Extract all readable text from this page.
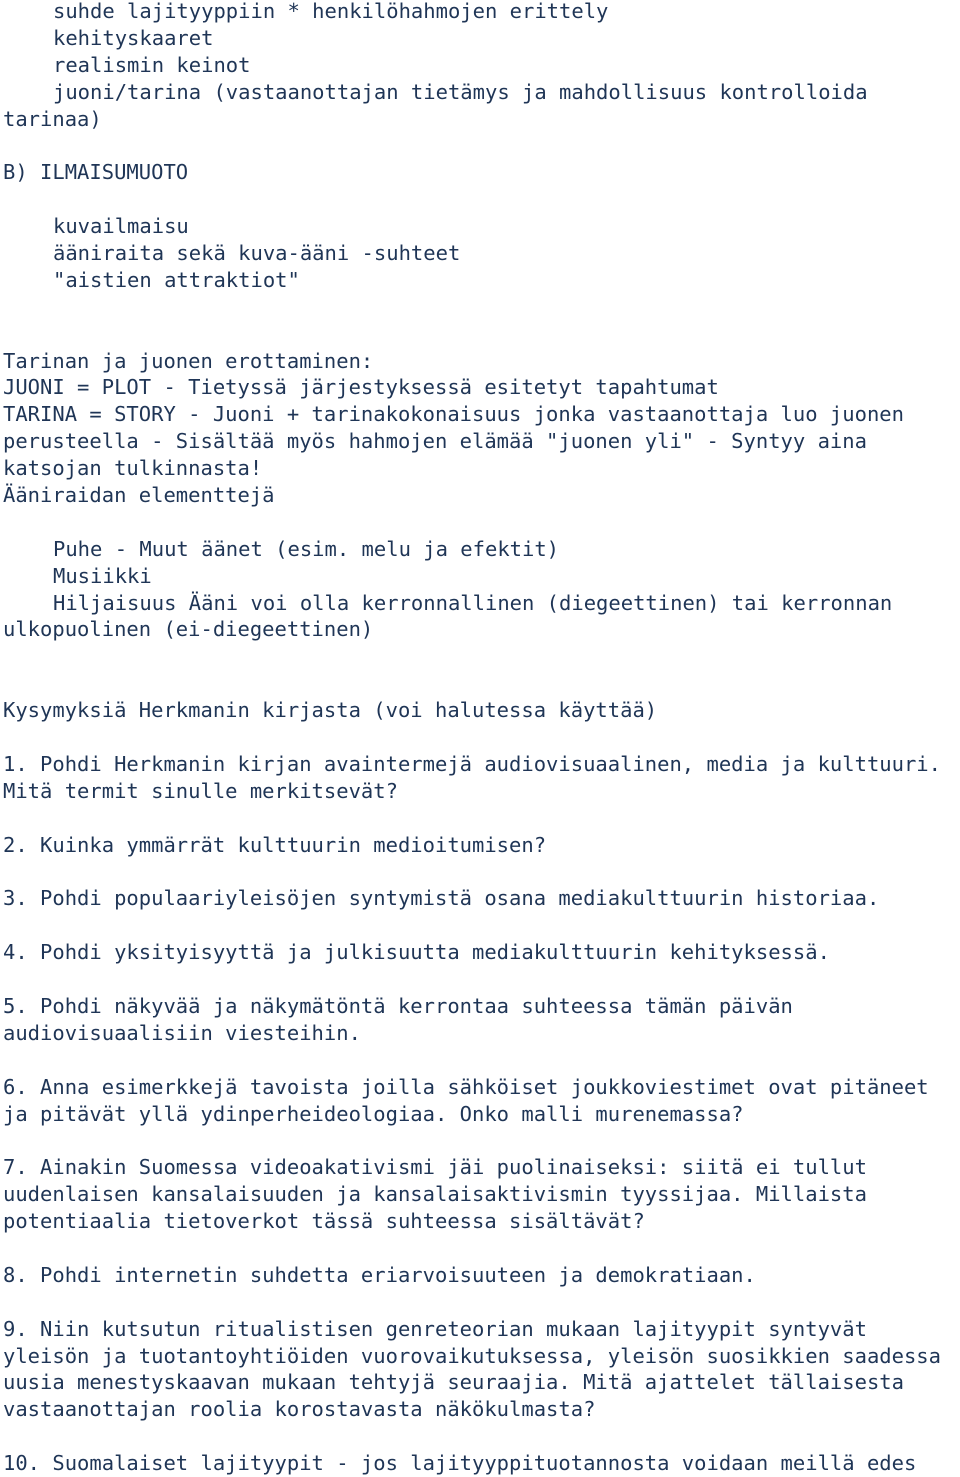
suhde lajityyppiin * henkilöhahmojen erittely
kehityskaaret
realismin keinot
juoni/tarina (vastaanottajan tietämys ja mahdollisuus kontrolloida
tarinaa)
B) ILMAISUMUOTO
kuvailmaisu
ääniraita sekä kuva-ääni -suhteet
"aistien attraktiot"
Tarinan ja juonen erottaminen:
JUONI = PLOT - Tietyssä järjestyksessä esitetyt tapahtumat
TARINA = STORY - Juoni + tarinakokonaisuus jonka vastaanottaja luo juonen
perusteella - Sisältää myös hahmojen elämää "juonen yli" - Syntyy aina
katsojan tulkinnasta!
Ääniraidan elementtejä
Puhe - Muut äänet (esim. melu ja efektit)
Musiikki
Hiljaisuus Ääni voi olla kerronnallinen (diegeettinen) tai kerronnan
ulkopuolinen (ei-diegeettinen)
Kysymyksiä Herkmanin kirjasta (voi halutessa käyttää)
1. Pohdi Herkmanin kirjan avaintermejä audiovisuaalinen, media ja kulttuuri.
Mitä termit sinulle merkitsevät?
2. Kuinka ymmärrät kulttuurin medioitumisen?
3. Pohdi populaariyleisöjen syntymistä osana mediakulttuurin historiaa.
4. Pohdi yksityisyyttä ja julkisuutta mediakulttuurin kehityksessä.
5. Pohdi näkyvää ja näkymätöntä kerrontaa suhteessa tämän päivän
audiovisuaalisiin viesteihin.
6. Anna esimerkkejä tavoista joilla sähköiset joukkoviestimet ovat pitäneet
ja pitävät yllä ydinperheideologiaa. Onko malli murenemassa?
7. Ainakin Suomessa videoakativismi jäi puolinaiseksi: siitä ei tullut
uudenlaisen kansalaisuuden ja kansalaisaktivismin tyyssijaa. Millaista
potentiaalia tietoverkot tässä suhteessa sisältävät?
8. Pohdi internetin suhdetta eriarvoisuuteen ja demokratiaan.
9. Niin kutsutun ritualistisen genreteorian mukaan lajityypit syntyvät
yleisön ja tuotantoyhtiöiden vuorovaikutuksessa, yleisön suosikkien saadessa
uusia menestyskaavan mukaan tehtyjä seuraajia. Mitä ajattelet tällaisesta
vastaanottajan roolia korostavasta näkökulmasta?
10. Suomalaiset lajityypit - jos lajityyppituotannosta voidaan meillä edes
